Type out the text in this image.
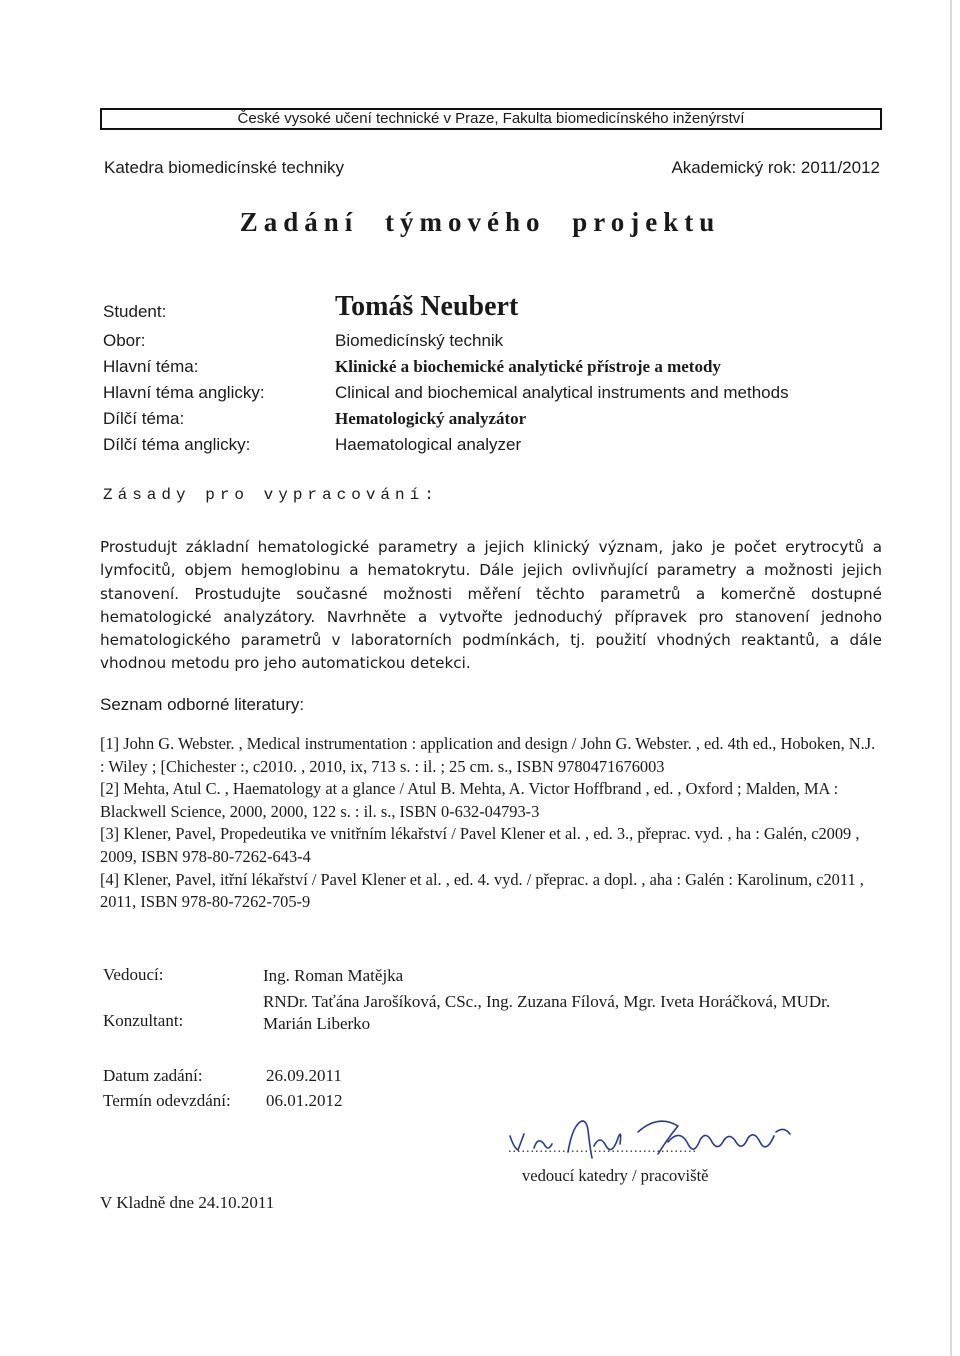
České vysoké učení technické v Praze, Fakulta biomedicínského inženýrství
Katedra biomedicínské techniky	Akademický rok: 2011/2012
Zadání týmového projektu
Student:	Tomáš Neubert
Obor:	Biomedicínský technik
Hlavní téma:	Klinické a biochemické analytické přístroje a metody
Hlavní téma anglicky:	Clinical and biochemical analytical instruments and methods
Dílčí téma:	Hematologický analyzátor
Dílčí téma anglicky:	Haematological analyzer
Zásady pro vypracování:
Prostudujt základní hematologické parametry a jejich klinický význam, jako je počet erytrocytů a lymfocitů, objem hemoglobinu a hematokrytu. Dále jejich ovlivňující parametry a možnosti jejich stanovení. Prostudujte současné možnosti měření těchto parametrů a komerčně dostupné hematologické analyzátory. Navrhněte a vytvořte jednoduchý přípravek pro stanovení jednoho hematologického parametrů v laboratorních podmínkách, tj. použití vhodných reaktantů, a dále vhodnou metodu pro jeho automatickou detekci.
Seznam odborné literatury:

[1] John G. Webster. , Medical instrumentation : application and design / John G. Webster. , ed. 4th ed., Hoboken, N.J. : Wiley ; [Chichester :, c2010. , 2010, ix, 713 s. : il. ; 25 cm. s., ISBN 9780471676003

[2] Mehta, Atul C. , Haematology at a glance / Atul B. Mehta, A. Victor Hoffbrand , ed. , Oxford ; Malden, MA : Blackwell Science, 2000, 2000, 122 s. : il. s., ISBN 0-632-04793-3

[3] Klener, Pavel, Propedeutika ve vnitřním lékařství / Pavel Klener et al. , ed. 3., přeprac. vyd. , ha : Galén, c2009 , 2009, ISBN 978-80-7262-643-4

[4] Klener, Pavel, itřní lékařství / Pavel Klener et al. , ed. 4. vyd. / přeprac. a dopl. , aha : Galén : Karolinum, c2011 , 2011, ISBN 978-80-7262-705-9

Vedoucí:	Ing. Roman Matějka
Konzultant:
RNDr. Taťána Jarošíková, CSc., Ing. Zuzana Fílová, Mgr. Iveta Horáčková, MUDr. Marián Liberko
Datum zadání:	26.09.2011
Termín odevzdání: 06.01.2012
..........................................
vedoucí katedry / pracoviště
V Kladně dne 24.10.2011
